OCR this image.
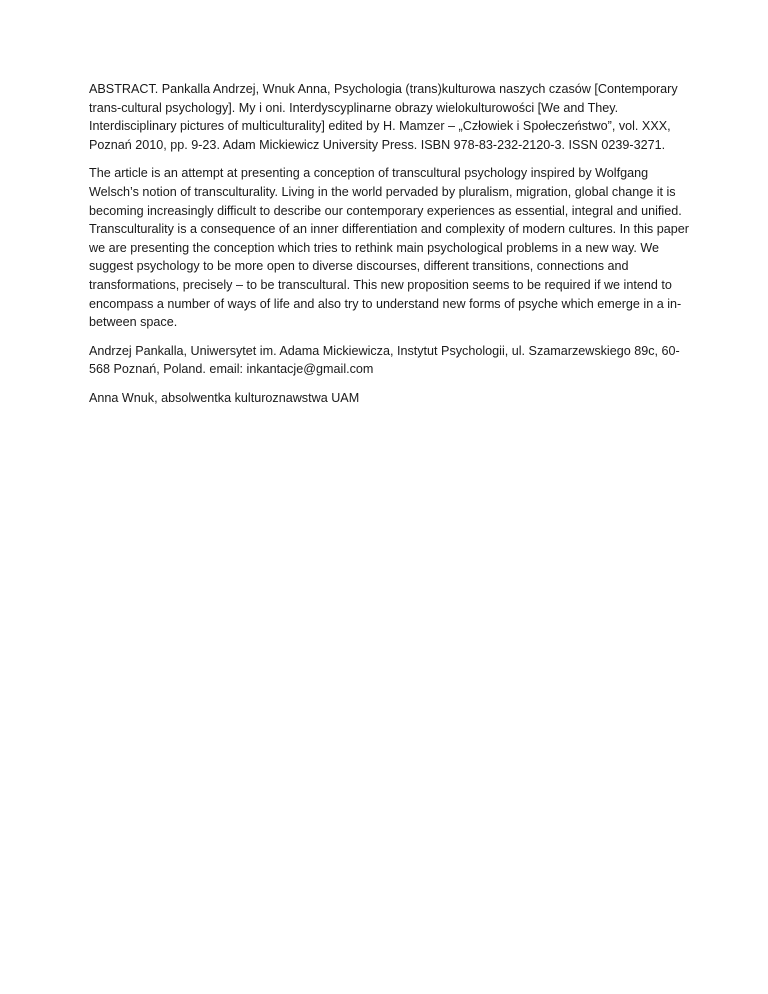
ABSTRACT. Pankalla Andrzej, Wnuk Anna, Psychologia (trans)kulturowa naszych czasów [Contemporary trans-cultural psychology]. My i oni. Interdyscyplinarne obrazy wielokulturowości [We and They. Interdisciplinary pictures of multiculturality] edited by H. Mamzer – „Człowiek i Społeczeństwo”, vol. XXX, Poznań 2010, pp. 9-23. Adam Mickiewicz University Press. ISBN 978-83-232-2120-3. ISSN 0239-3271.

The article is an attempt at presenting a conception of transcultural psychology inspired by Wolfgang Welsch’s notion of transculturality. Living in the world pervaded by pluralism, migration, global change it is becoming increasingly difficult to describe our contemporary experiences as essential, integral and unified. Transculturality is a consequence of an inner differentiation and complexity of modern cultures. In this paper we are presenting the conception which tries to rethink main psychological problems in a new way. We suggest psychology to be more open to diverse discourses, different transitions, connections and transformations, precisely – to be transcultural. This new proposition seems to be required if we intend to encompass a number of ways of life and also try to understand new forms of psyche which emerge in a in-between space.

Andrzej Pankalla, Uniwersytet im. Adama Mickiewicza, Instytut Psychologii, ul. Szamarzewskiego 89c, 60-568 Poznań, Poland. email: inkantacje@gmail.com

Anna Wnuk, absolwentka kulturoznawstwa UAM
